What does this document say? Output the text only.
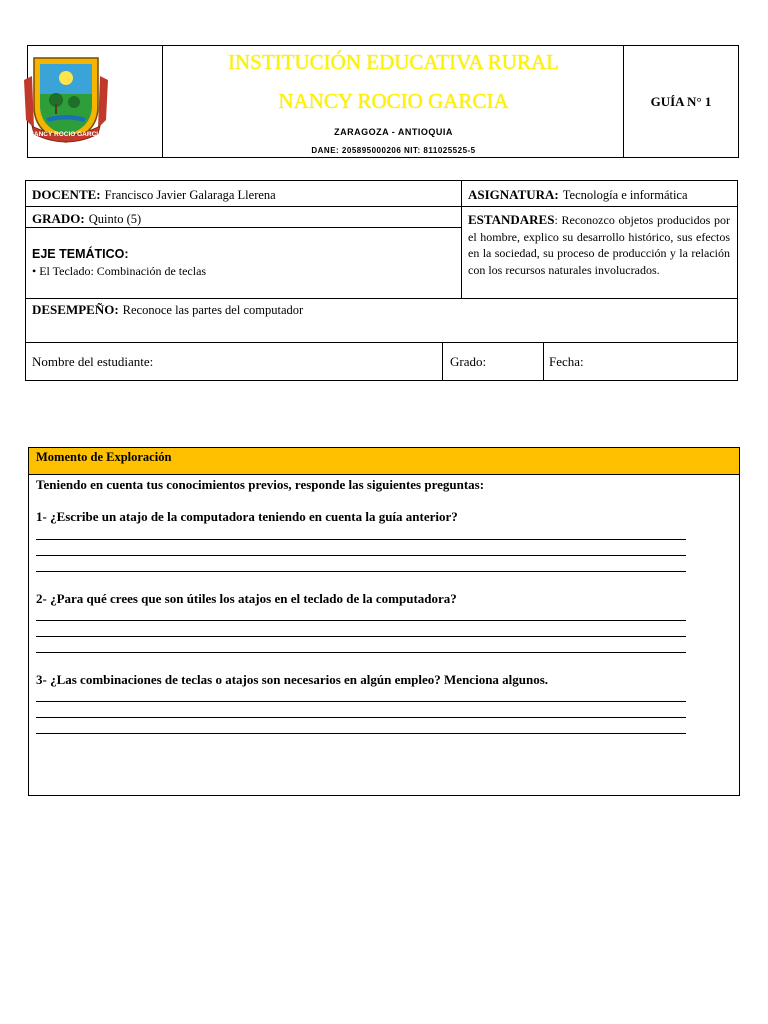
NANCY ROCIO GARCIA
INSTITUCIÓN EDUCATIVA RURAL
NANCY ROCIO GARCIA
ZARAGOZA - ANTIOQUIA
DANE: 205895000206 NIT: 811025525-5
GUÍA N° 1
DOCENTE: Francisco Javier Galaraga Llerena	ASIGNATURA: Tecnología e informática
GRADO: Quinto (5)	ESTANDARES: Reconozco objetos producidos por el hombre, explico su desarrollo histórico, sus efectos en la sociedad, su proceso de producción y la relación con los recursos naturales involucrados.
EJE TEMÁTICO:
• El Teclado: Combinación de teclas
DESEMPEÑO: Reconoce las partes del computador
Nombre del estudiante:	Grado:	Fecha:
Momento de Exploración
Teniendo en cuenta tus conocimientos previos, responde las siguientes preguntas:
1- ¿Escribe un atajo de la computadora teniendo en cuenta la guía anterior?
2- ¿Para qué crees que son útiles los atajos en el teclado de la computadora?
3- ¿Las combinaciones de teclas o atajos son necesarios en algún empleo? Menciona algunos.
